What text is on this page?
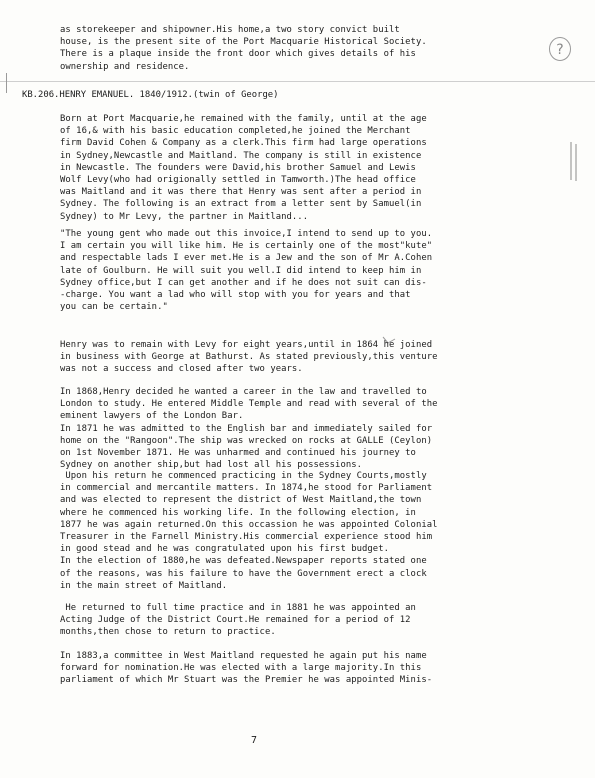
as storekeeper and shipowner.His home,a two story convict built
house, is the present site of the Port Macquarie Historical Society.
There is a plaque inside the front door which gives details of his
ownership and residence.
?
KB.206.HENRY EMANUEL. 1840/1912.(twin of George)
Born at Port Macquarie,he remained with the family, until at the age
of 16,& with his basic education completed,he joined the Merchant
firm David Cohen & Company as a clerk.This firm had large operations
in Sydney,Newcastle and Maitland. The company is still in existence
in Newcastle. The founders were David,his brother Samuel and Lewis
Wolf Levy(who had origionally settled in Tamworth.)The head office
was Maitland and it was there that Henry was sent after a period in
Sydney. The following is an extract from a letter sent by Samuel(in
Sydney) to Mr Levy, the partner in Maitland...
"The young gent who made out this invoice,I intend to send up to you.
I am certain you will like him. He is certainly one of the most"kute"
and respectable lads I ever met.He is a Jew and the son of Mr A.Cohen
late of Goulburn. He will suit you well.I did intend to keep him in
Sydney office,but I can get another and if he does not suit can dis-
-charge. You want a lad who will stop with you for years and that
you can be certain."
Henry was to remain with Levy for eight years,until in 1864 he joined
in business with George at Bathurst. As stated previously,this venture
was not a success and closed after two years.
In 1868,Henry decided he wanted a career in the law and travelled to
London to study. He entered Middle Temple and read with several of the
eminent lawyers of the London Bar.
In 1871 he was admitted to the English bar and immediately sailed for
home on the "Rangoon".The ship was wrecked on rocks at GALLE (Ceylon)
on 1st November 1871. He was unharmed and continued his journey to
Sydney on another ship,but had lost all his possessions.
Upon his return he commenced practicing in the Sydney Courts,mostly
in commercial and mercantile matters. In 1874,he stood for Parliament
and was elected to represent the district of West Maitland,the town
where he commenced his working life. In the following election, in
1877 he was again returned.On this occassion he was appointed Colonial
Treasurer in the Farnell Ministry.His commercial experience stood him
in good stead and he was congratulated upon his first budget.
In the election of 1880,he was defeated.Newspaper reports stated one
of the reasons, was his failure to have the Government erect a clock
in the main street of Maitland.
He returned to full time practice and in 1881 he was appointed an
Acting Judge of the District Court.He remained for a period of 12
months,then chose to return to practice.
In 1883,a committee in West Maitland requested he again put his name
forward for nomination.He was elected with a large majority.In this
parliament of which Mr Stuart was the Premier he was appointed Minis-
7
